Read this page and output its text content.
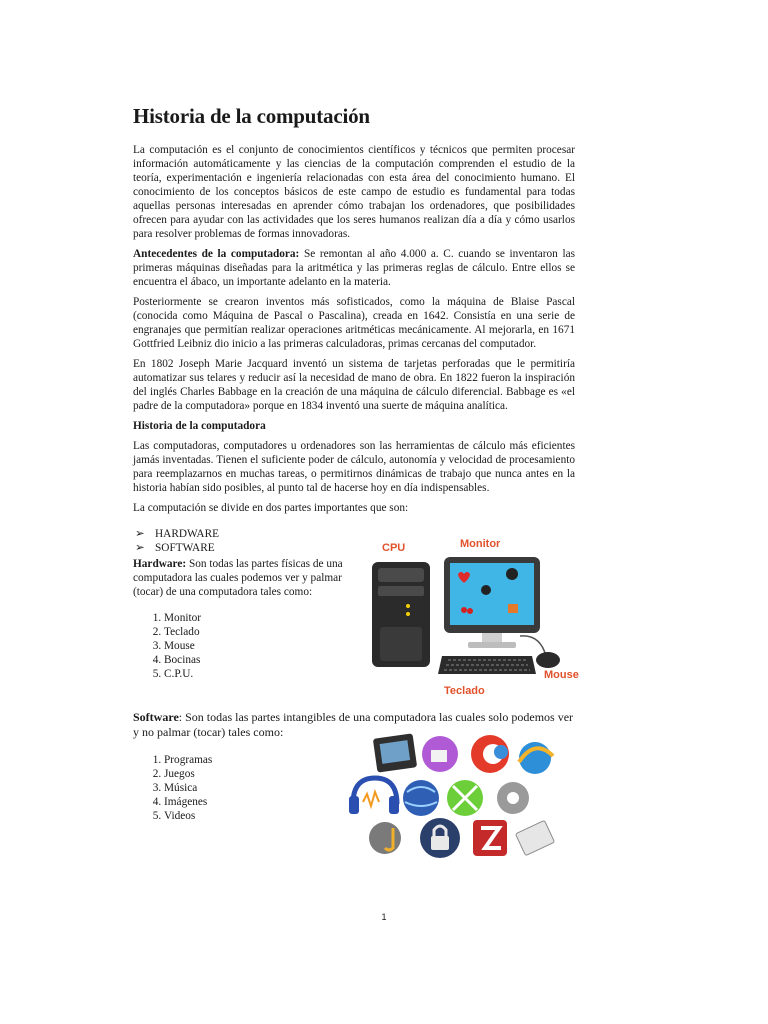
Historia de la computación

La computación es el conjunto de conocimientos científicos y técnicos que permiten procesar información automáticamente y las ciencias de la computación comprenden el estudio de la teoría, experimentación e ingeniería relacionadas con esta área del conocimiento humano. El conocimiento de los conceptos básicos de este campo de estudio es fundamental para todas aquellas personas interesadas en aprender cómo trabajan los ordenadores, que posibilidades ofrecen para ayudar con las actividades que los seres humanos realizan día a día y cómo usarlos para resolver problemas de formas innovadoras.

Antecedentes de la computadora: Se remontan al año 4.000 a. C. cuando se inventaron las primeras máquinas diseñadas para la aritmética y las primeras reglas de cálculo. Entre ellos se encuentra el ábaco, un importante adelanto en la materia.

Posteriormente se crearon inventos más sofisticados, como la máquina de Blaise Pascal (conocida como Máquina de Pascal o Pascalina), creada en 1642. Consistía en una serie de engranajes que permitían realizar operaciones aritméticas mecánicamente. Al mejorarla, en 1671 Gottfried Leibniz dio inicio a las primeras calculadoras, primas cercanas del computador.

En 1802 Joseph Marie Jacquard inventó un sistema de tarjetas perforadas que le permitiría automatizar sus telares y reducir así la necesidad de mano de obra. En 1822 fueron la inspiración del inglés Charles Babbage en la creación de una máquina de cálculo diferencial. Babbage es «el padre de la computadora» porque en 1834 inventó una suerte de máquina analítica.

Historia de la computadora

Las computadoras, computadores u ordenadores son las herramientas de cálculo más eficientes jamás inventadas. Tienen el suficiente poder de cálculo, autonomía y velocidad de procesamiento para reemplazarnos en muchas tareas, o permitirnos dinámicas de trabajo que nunca antes en la historia habían sido posibles, al punto tal de hacerse hoy en día indispensables.

La computación se divide en dos partes importantes que son:

➢ HARDWARE
➢ SOFTWARE

Hardware: Son todas las partes físicas de una computadora las cuales podemos ver y palmar (tocar) de una computadora tales como:

1. Monitor
2. Teclado
3. Mouse
4. Bocinas
5. C.P.U.
CPU	Monitor
Teclado
Mouse

Software: Son todas las partes intangibles de una computadora las cuales solo podemos ver y no palmar (tocar) tales como:

1. Programas
2. Juegos
3. Música
4. Imágenes
5. Videos
1
